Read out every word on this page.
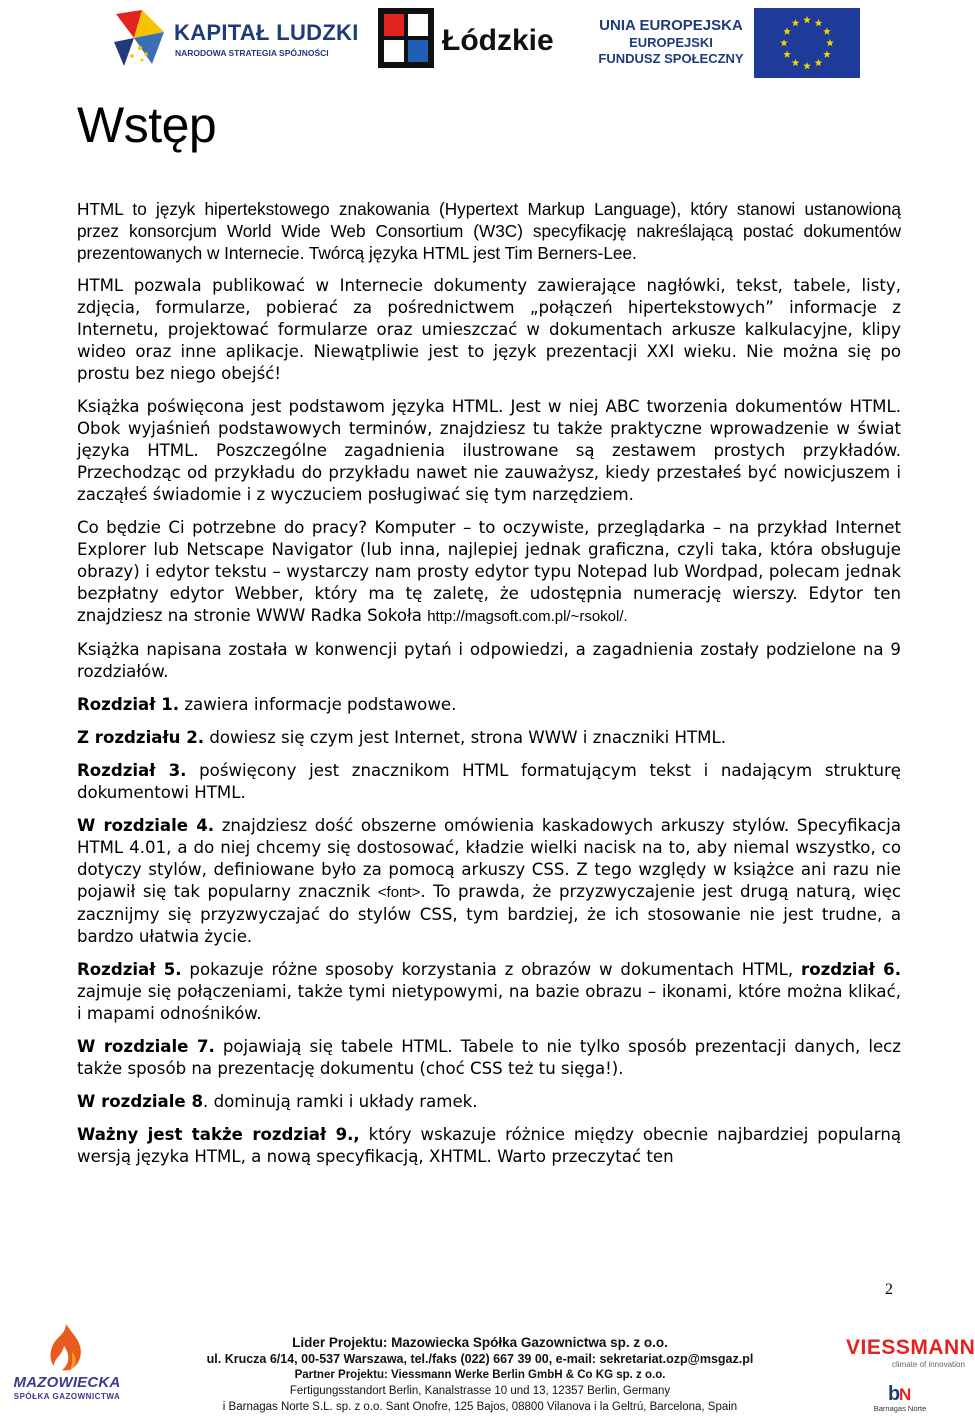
KAPITAŁ LUDZKI
NARODOWA STRATEGIA SPÓJNOŚCI	Łódzkie	UNIA EUROPEJSKA
EUROPEJSKI
FUNDUSZ SPOŁECZNY
Wstęp

HTML to język hipertekstowego znakowania (Hypertext Markup Language), który stanowi ustanowioną przez konsorcjum World Wide Web Consortium (W3C) specyfikację nakreślającą postać dokumentów prezentowanych w Internecie. Twórcą języka HTML jest Tim Berners-Lee.

HTML pozwala publikować w Internecie dokumenty zawierające nagłówki, tekst, tabele, listy, zdjęcia, formularze, pobierać za pośrednictwem „połączeń hipertekstowych” informacje z Internetu, projektować formularze oraz umieszczać w dokumentach arkusze kalkulacyjne, klipy wideo oraz inne aplikacje. Niewątpliwie jest to język prezentacji XXI wieku. Nie można się po prostu bez niego obejść!

Książka poświęcona jest podstawom języka HTML. Jest w niej ABC tworzenia dokumentów HTML. Obok wyjaśnień podstawowych terminów, znajdziesz tu także praktyczne wprowadzenie w świat języka HTML. Poszczególne zagadnienia ilustrowane są zestawem prostych przykładów. Przechodząc od przykładu do przykładu nawet nie zauważysz, kiedy przestałeś być nowicjuszem i zacząłeś świadomie i z wyczuciem posługiwać się tym narzędziem.

Co będzie Ci potrzebne do pracy? Komputer – to oczywiste, przeglądarka – na przykład Internet Explorer lub Netscape Navigator (lub inna, najlepiej jednak graficzna, czyli taka, która obsługuje obrazy) i edytor tekstu – wystarczy nam prosty edytor typu Notepad lub Wordpad, polecam jednak bezpłatny edytor Webber, który ma tę zaletę, że udostępnia numerację wierszy. Edytor ten znajdziesz na stronie WWW Radka Sokoła http://magsoft.com.pl/~rsokol/.

Książka napisana została w konwencji pytań i odpowiedzi, a zagadnienia zostały podzielone na 9 rozdziałów.

Rozdział 1. zawiera informacje podstawowe.

Z rozdziału 2. dowiesz się czym jest Internet, strona WWW i znaczniki HTML.

Rozdział 3. poświęcony jest znacznikom HTML formatującym tekst i nadającym strukturę dokumentowi HTML.

W rozdziale 4. znajdziesz dość obszerne omówienia kaskadowych arkuszy stylów. Specyfikacja HTML 4.01, a do niej chcemy się dostosować, kładzie wielki nacisk na to, aby niemal wszystko, co dotyczy stylów, definiowane było za pomocą arkuszy CSS. Z tego względy w książce ani razu nie pojawił się tak popularny znacznik <font>. To prawda, że przyzwyczajenie jest drugą naturą, więc zacznijmy się przyzwyczajać do stylów CSS, tym bardziej, że ich stosowanie nie jest trudne, a bardzo ułatwia życie.

Rozdział 5. pokazuje różne sposoby korzystania z obrazów w dokumentach HTML, rozdział 6. zajmuje się połączeniami, także tymi nietypowymi, na bazie obrazu – ikonami, które można klikać, i mapami odnośników.

W rozdziale 7. pojawiają się tabele HTML. Tabele to nie tylko sposób prezentacji danych, lecz także sposób na prezentację dokumentu (choć CSS też tu sięga!).

W rozdziale 8. dominują ramki i układy ramek.

Ważny jest także rozdział 9., który wskazuje różnice między obecnie najbardziej popularną wersją języka HTML, a nową specyfikacją, XHTML. Warto przeczytać ten

2
MAZOWIECKA
SPÓŁKA GAZOWNICTWA
Lider Projektu: Mazowiecka Spółka Gazownictwa sp. z o.o.
ul. Krucza 6/14, 00-537 Warszawa, tel./faks (022) 667 39 00, e-mail: sekretariat.ozp@msgaz.pl
Partner Projektu: Viessmann Werke Berlin GmbH & Co KG sp. z o.o.
Fertigungsstandort Berlin, Kanalstrasse 10 und 13, 12357 Berlin, Germany
i Barnagas Norte S.L. sp. z o.o. Sant Onofre, 125 Bajos, 08800 Vilanova i la Geltrú, Barcelona, Spain
VIESSMANN
climate of innovation
b
N
Barnagas Norte
